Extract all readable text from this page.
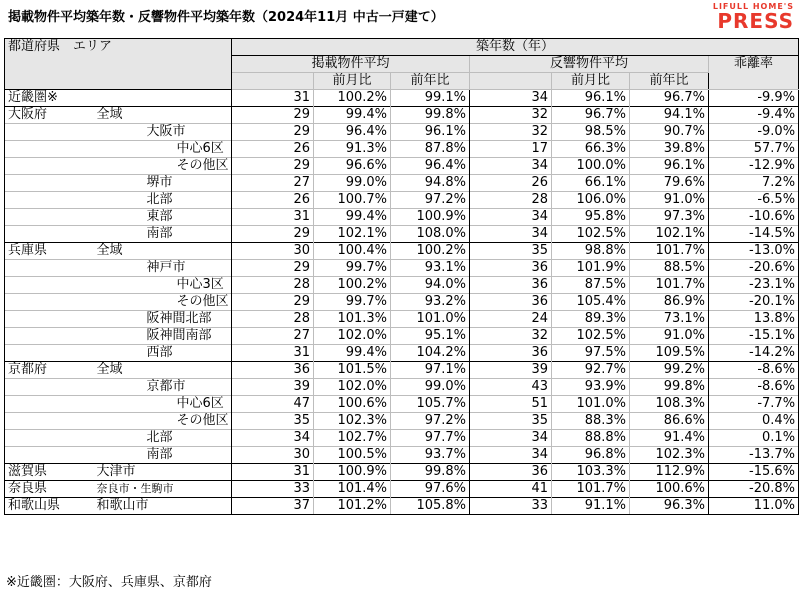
掲載物件平均築年数・反響物件平均築年数（2024年11月 中古一戸建て）
LIFULL HOME'S
PRESS
都道府県　エリア		築年数（年）						
		掲載物件平均			反響物件平均			乖離率
			前月比	前年比		前月比	前年比	
近畿圏※		31	100.2%	99.1%	34	96.1%	96.7%	-9.9%
大阪府	全域	29	99.4%	99.8%	32	96.7%	94.1%	-9.4%
	大阪市	29	96.4%	96.1%	32	98.5%	90.7%	-9.0%
	中心6区	26	91.3%	87.8%	17	66.3%	39.8%	57.7%
	その他区	29	96.6%	96.4%	34	100.0%	96.1%	-12.9%
	堺市	27	99.0%	94.8%	26	66.1%	79.6%	7.2%
	北部	26	100.7%	97.2%	28	106.0%	91.0%	-6.5%
	東部	31	99.4%	100.9%	34	95.8%	97.3%	-10.6%
	南部	29	102.1%	108.0%	34	102.5%	102.1%	-14.5%
兵庫県	全域	30	100.4%	100.2%	35	98.8%	101.7%	-13.0%
	神戸市	29	99.7%	93.1%	36	101.9%	88.5%	-20.6%
	中心3区	28	100.2%	94.0%	36	87.5%	101.7%	-23.1%
	その他区	29	99.7%	93.2%	36	105.4%	86.9%	-20.1%
	阪神間北部	28	101.3%	101.0%	24	89.3%	73.1%	13.8%
	阪神間南部	27	102.0%	95.1%	32	102.5%	91.0%	-15.1%
	西部	31	99.4%	104.2%	36	97.5%	109.5%	-14.2%
京都府	全域	36	101.5%	97.1%	39	92.7%	99.2%	-8.6%
	京都市	39	102.0%	99.0%	43	93.9%	99.8%	-8.6%
	中心6区	47	100.6%	105.7%	51	101.0%	108.3%	-7.7%
	その他区	35	102.3%	97.2%	35	88.3%	86.6%	0.4%
	北部	34	102.7%	97.7%	34	88.8%	91.4%	0.1%
	南部	30	100.5%	93.7%	34	96.8%	102.3%	-13.7%
滋賀県	大津市	31	100.9%	99.8%	36	103.3%	112.9%	-15.6%
奈良県	奈良市・生駒市	33	101.4%	97.6%	41	101.7%	100.6%	-20.8%
和歌山県	和歌山市	37	101.2%	105.8%	33	91.1%	96.3%	11.0%
※近畿圏：大阪府、兵庫県、京都府
